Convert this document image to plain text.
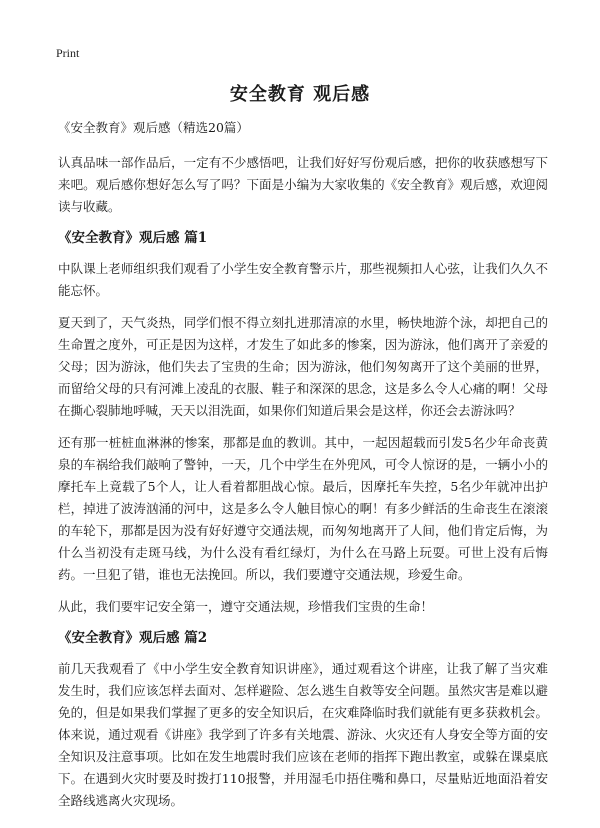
Print
安全教育 观后感
《安全教育》观后感（精选20篇）

认真品味一部作品后，一定有不少感悟吧，让我们好好写份观后感，把你的收获感想写下来吧。观后感你想好怎么写了吗？下面是小编为大家收集的《安全教育》观后感，欢迎阅读与收藏。

《安全教育》观后感 篇1

中队课上老师组织我们观看了小学生安全教育警示片，那些视频扣人心弦，让我们久久不能忘怀。

夏天到了，天气炎热，同学们恨不得立刻扎进那清凉的水里，畅快地游个泳，却把自己的生命置之度外，可正是因为这样，才发生了如此多的惨案，因为游泳，他们离开了亲爱的父母；因为游泳，他们失去了宝贵的生命；因为游泳，他们匆匆离开了这个美丽的世界，而留给父母的只有河滩上凌乱的衣服、鞋子和深深的思念，这是多么令人心痛的啊！父母在撕心裂肺地呼喊，天天以泪洗面，如果你们知道后果会是这样，你还会去游泳吗？

还有那一桩桩血淋淋的惨案，那都是血的教训。其中，一起因超载而引发5名少年命丧黄泉的车祸给我们敲响了警钟，一天，几个中学生在外兜风，可令人惊讶的是，一辆小小的摩托车上竟载了5个人，让人看着都胆战心惊。最后，因摩托车失控，5名少年就冲出护栏，掉进了波涛汹涌的河中，这是多么令人触目惊心的啊！有多少鲜活的生命丧生在滚滚的车轮下，那都是因为没有好好遵守交通法规，而匆匆地离开了人间，他们肯定后悔，为什么当初没有走斑马线，为什么没有看红绿灯，为什么在马路上玩耍。可世上没有后悔药。一旦犯了错，谁也无法挽回。所以，我们要遵守交通法规，珍爱生命。

从此，我们要牢记安全第一，遵守交通法规，珍惜我们宝贵的生命！

《安全教育》观后感 篇2

前几天我观看了《中小学生安全教育知识讲座》，通过观看这个讲座，让我了解了当灾难发生时，我们应该怎样去面对、怎样避险、怎么逃生自救等安全问题。虽然灾害是难以避免的，但是如果我们掌握了更多的安全知识后，在灾难降临时我们就能有更多获救机会。体来说，通过观看《讲座》我学到了许多有关地震、游泳、火灾还有人身安全等方面的安全知识及注意事项。比如在发生地震时我们应该在老师的指挥下跑出教室，或躲在课桌底下。在遇到火灾时要及时拨打110报警，并用湿毛巾捂住嘴和鼻口，尽量贴近地面沿着安全路线逃离火灾现场。
